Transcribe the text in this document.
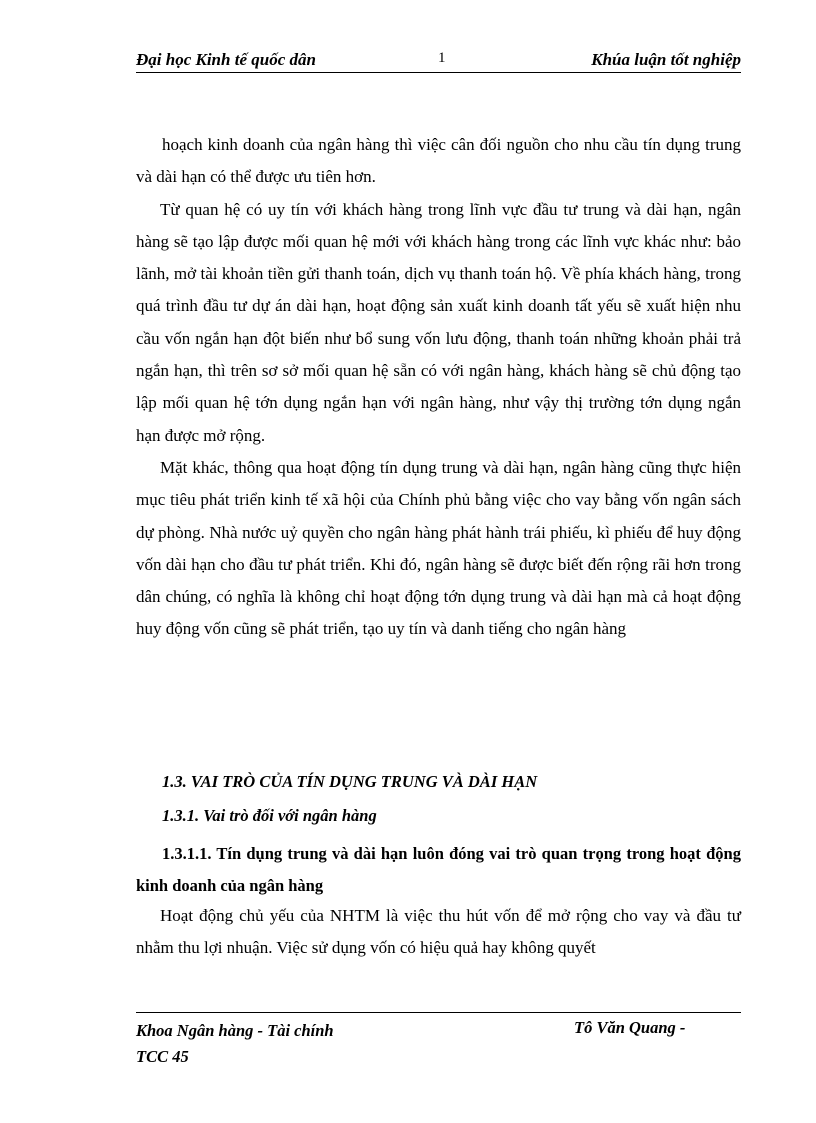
Đại học Kinh tế quốc dân	1	Khúa luận tốt nghiệp

hoạch kinh doanh của ngân hàng thì việc cân đối nguồn cho nhu cầu tín dụng trung và dài hạn có thể được ưu tiên hơn.

Từ quan hệ có uy tín với khách hàng trong lĩnh vực đầu tư trung và dài hạn, ngân hàng sẽ tạo lập được mối quan hệ mới với khách hàng trong các lĩnh vực khác như: bảo lãnh, mở tài khoản tiền gửi thanh toán, dịch vụ thanh toán hộ. Về phía khách hàng, trong quá trình đầu tư dự án dài hạn, hoạt động sản xuất kinh doanh tất yếu sẽ xuất hiện nhu cầu vốn ngắn hạn đột biến như bổ sung vốn lưu động, thanh toán những khoản phải trả ngắn hạn, thì trên sơ sở mối quan hệ sẵn có với ngân hàng, khách hàng sẽ chủ động tạo lập mối quan hệ tớn dụng ngắn hạn với ngân hàng, như vậy thị trường tớn dụng ngắn hạn được mở rộng.

Mặt khác, thông qua hoạt động tín dụng trung và dài hạn, ngân hàng cũng thực hiện mục tiêu phát triển kinh tế xã hội của Chính phủ bằng việc cho vay bằng vốn ngân sách dự phòng. Nhà nước uỷ quyền cho ngân hàng phát hành trái phiếu, kì phiếu để huy động vốn dài hạn cho đầu tư phát triển. Khi đó, ngân hàng sẽ được biết đến rộng rãi hơn trong dân chúng, có nghĩa là không chỉ hoạt động tớn dụng trung và dài hạn mà cả hoạt động huy động vốn cũng sẽ phát triển, tạo uy tín và danh tiếng cho ngân hàng

1.3. VAI TRÒ CỦA TÍN DỤNG TRUNG VÀ DÀI HẠN

1.3.1. Vai trò đối với ngân hàng

1.3.1.1. Tín dụng trung và dài hạn luôn đóng vai trò quan trọng trong hoạt động kinh doanh của ngân hàng

Hoạt động chủ yếu của NHTM là việc thu hút vốn để mở rộng cho vay và đầu tư nhằm thu lợi nhuận. Việc sử dụng vốn có hiệu quả hay không quyết

Khoa Ngân hàng - Tài chính
TCC 45
Tô Văn Quang -
